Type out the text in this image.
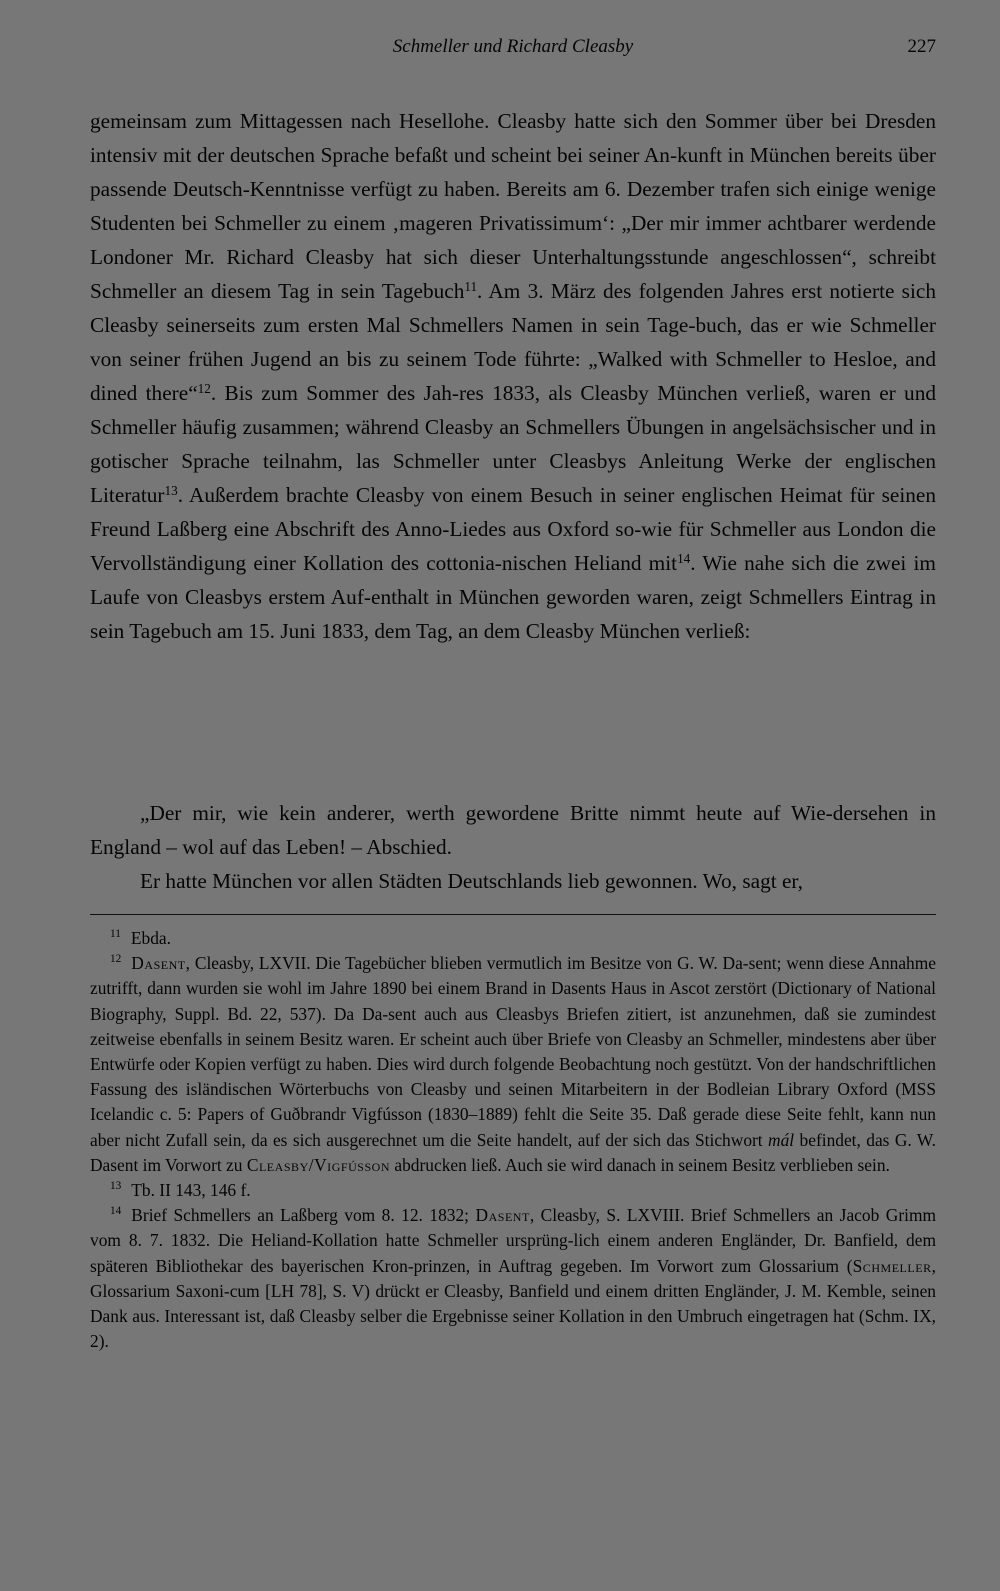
Schmeller und Richard Cleasby	227

gemeinsam zum Mittagessen nach Hesellohe. Cleasby hatte sich den Sommer über bei Dresden intensiv mit der deutschen Sprache befaßt und scheint bei seiner An-kunft in München bereits über passende Deutsch-Kenntnisse verfügt zu haben. Bereits am 6. Dezember trafen sich einige wenige Studenten bei Schmeller zu einem ‚mageren Privatissimum‘: „Der mir immer achtbarer werdende Londoner Mr. Richard Cleasby hat sich dieser Unterhaltungsstunde angeschlossen“, schreibt Schmeller an diesem Tag in sein Tagebuch$^{11}$. Am 3. März des folgenden Jahres erst notierte sich Cleasby seinerseits zum ersten Mal Schmellers Namen in sein Tage-buch, das er wie Schmeller von seiner frühen Jugend an bis zu seinem Tode führte: „Walked with Schmeller to Hesloe, and dined there“$^{12}$. Bis zum Sommer des Jah-res 1833, als Cleasby München verließ, waren er und Schmeller häufig zusammen; während Cleasby an Schmellers Übungen in angelsächsischer und in gotischer Sprache teilnahm, las Schmeller unter Cleasbys Anleitung Werke der englischen Literatur$^{13}$. Außerdem brachte Cleasby von einem Besuch in seiner englischen Heimat für seinen Freund Laßberg eine Abschrift des Anno-Liedes aus Oxford so-wie für Schmeller aus London die Vervollständigung einer Kollation des cottonia-nischen Heliand mit$^{14}$. Wie nahe sich die zwei im Laufe von Cleasbys erstem Auf-enthalt in München geworden waren, zeigt Schmellers Eintrag in sein Tagebuch am 15. Juni 1833, dem Tag, an dem Cleasby München verließ:

„Der mir, wie kein anderer, werth gewordene Britte nimmt heute auf Wie-dersehen in England – wol auf das Leben! – Abschied.

Er hatte München vor allen Städten Deutschlands lieb gewonnen. Wo, sagt er,

$^{11}$ Ebda.

$^{12}$ Dasent, Cleasby, LXVII. Die Tagebücher blieben vermutlich im Besitze von G. W. Da-sent; wenn diese Annahme zutrifft, dann wurden sie wohl im Jahre 1890 bei einem Brand in Dasents Haus in Ascot zerstört (Dictionary of National Biography, Suppl. Bd. 22, 537). Da Da-sent auch aus Cleasbys Briefen zitiert, ist anzunehmen, daß sie zumindest zeitweise ebenfalls in seinem Besitz waren. Er scheint auch über Briefe von Cleasby an Schmeller, mindestens aber über Entwürfe oder Kopien verfügt zu haben. Dies wird durch folgende Beobachtung noch gestützt. Von der handschriftlichen Fassung des isländischen Wörterbuchs von Cleasby und seinen Mitarbeitern in der Bodleian Library Oxford (MSS Icelandic c. 5: Papers of Guðbrandr Vigfússon (1830–1889) fehlt die Seite 35. Daß gerade diese Seite fehlt, kann nun aber nicht Zufall sein, da es sich ausgerechnet um die Seite handelt, auf der sich das Stichwort mál befindet, das G. W. Dasent im Vorwort zu Cleasby/Vigfússon abdrucken ließ. Auch sie wird danach in seinem Besitz verblieben sein.

$^{13}$ Tb. II 143, 146 f.

$^{14}$ Brief Schmellers an Laßberg vom 8. 12. 1832; Dasent, Cleasby, S. LXVIII. Brief Schmellers an Jacob Grimm vom 8. 7. 1832. Die Heliand-Kollation hatte Schmeller ursprüng-lich einem anderen Engländer, Dr. Banfield, dem späteren Bibliothekar des bayerischen Kron-prinzen, in Auftrag gegeben. Im Vorwort zum Glossarium (Schmeller, Glossarium Saxoni-cum [LH 78], S. V) drückt er Cleasby, Banfield und einem dritten Engländer, J. M. Kemble, seinen Dank aus. Interessant ist, daß Cleasby selber die Ergebnisse seiner Kollation in den Umbruch eingetragen hat (Schm. IX, 2).
